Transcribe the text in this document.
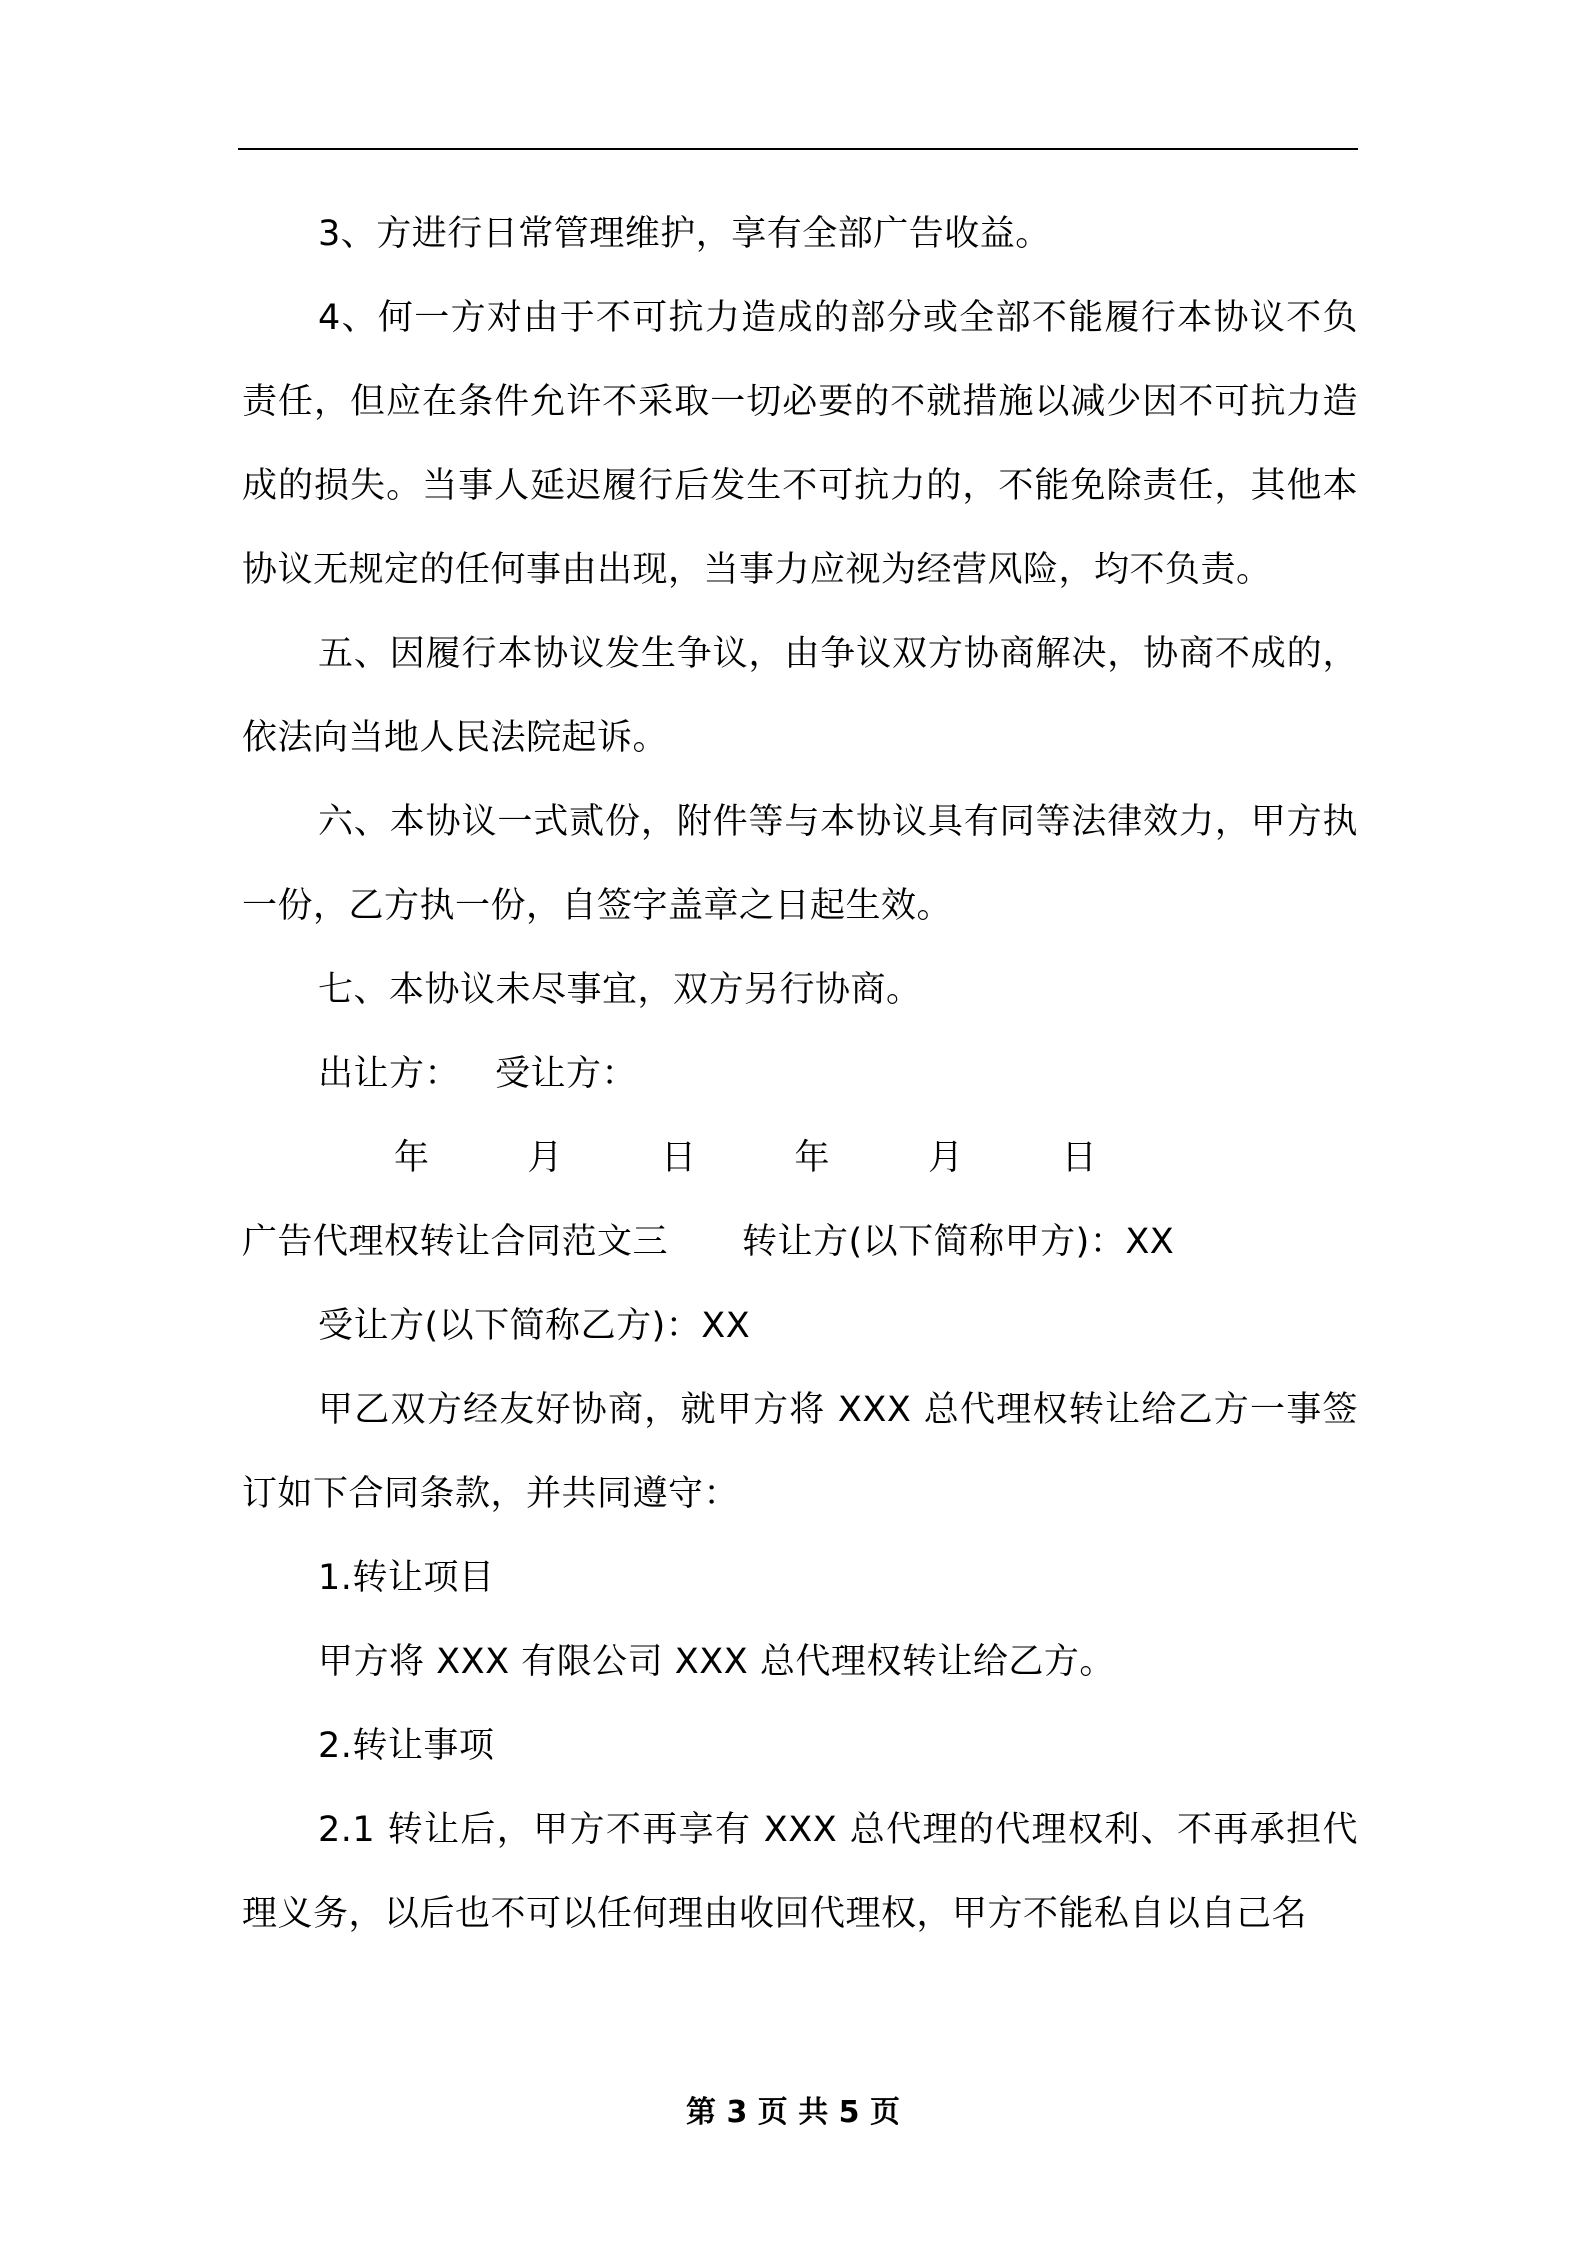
3、方进行日常管理维护，享有全部广告收益。

4、何一方对由于不可抗力造成的部分或全部不能履行本协议不负责任，但应在条件允许不采取一切必要的不就措施以减少因不可抗力造成的损失。当事人延迟履行后发生不可抗力的，不能免除责任，其他本协议无规定的任何事由出现，当事力应视为经营风险，均不负责。

五、因履行本协议发生争议，由争议双方协商解决，协商不成的，依法向当地人民法院起诉。

六、本协议一式贰份，附件等与本协议具有同等法律效力，甲方执一份，乙方执一份，自签字盖章之日起生效。

七、本协议未尽事宜，双方另行协商。

出让方： 受让方：

年	月	日	年	月	日

广告代理权转让合同范文三 转让方(以下简称甲方)：XX

受让方(以下简称乙方)：XX

甲乙双方经友好协商，就甲方将 XXX 总代理权转让给乙方一事签订如下合同条款，并共同遵守：

1.转让项目

甲方将 XXX 有限公司 XXX 总代理权转让给乙方。

2.转让事项

2.1 转让后，甲方不再享有 XXX 总代理的代理权利、不再承担代理义务，以后也不可以任何理由收回代理权，甲方不能私自以自己名

第 3 页 共 5 页
